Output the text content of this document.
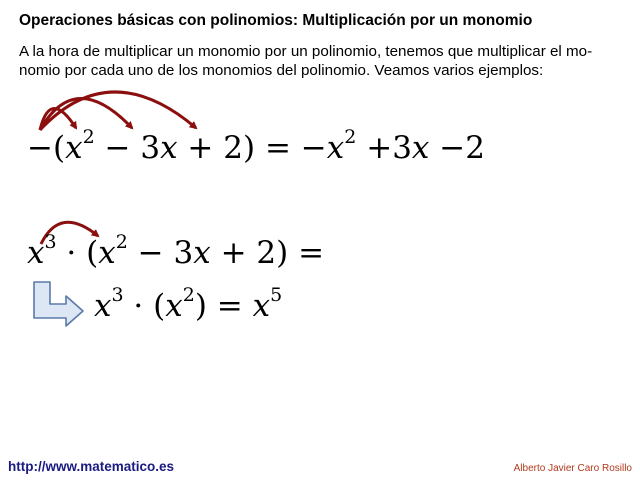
Operaciones básicas con polinomios: Multiplicación por un monomio
A la hora de multiplicar un monomio por un polinomio, tenemos que multiplicar el mo-nomio por cada uno de los monomios del polinomio. Veamos varios ejemplos:
$-(x^2 - 3x + 2) = -x^2 +3x -2$
$x^3 \cdot (x^2 - 3x + 2)$ =
$x^3 \cdot (x^2) = x^5$
http://www.matematico.es	Alberto Javier Caro Rosillo
